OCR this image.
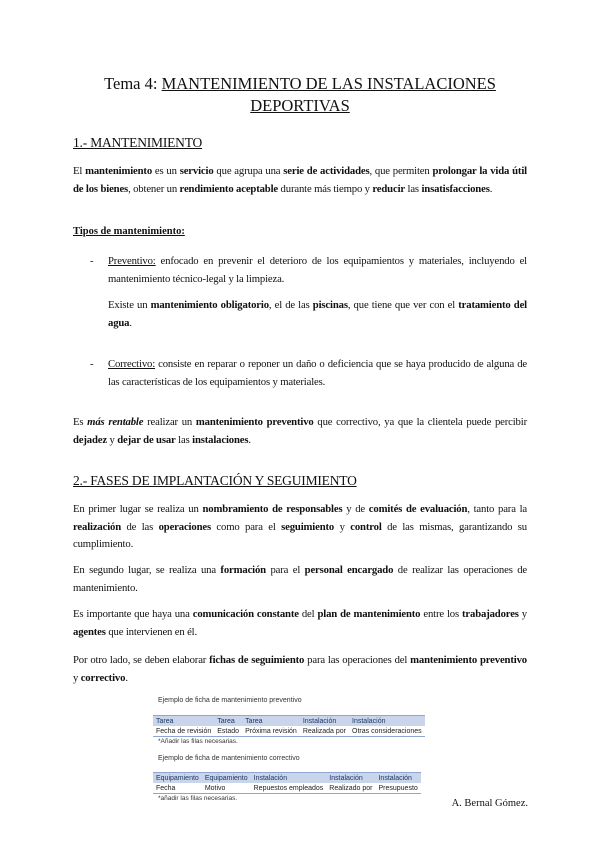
Tema 4: MANTENIMIENTO DE LAS INSTALACIONES
DEPORTIVAS
1.- MANTENIMIENTO
El mantenimiento es un servicio que agrupa una serie de actividades, que permiten prolongar la vida útil de los bienes, obtener un rendimiento aceptable durante más tiempo y reducir las insatisfacciones.
Tipos de mantenimiento:
- Preventivo: enfocado en prevenir el deterioro de los equipamientos y materiales, incluyendo el mantenimiento técnico-legal y la limpieza.
Existe un mantenimiento obligatorio, el de las piscinas, que tiene que ver con el tratamiento del agua.
- Correctivo: consiste en reparar o reponer un daño o deficiencia que se haya producido de alguna de las características de los equipamientos y materiales.
Es más rentable realizar un mantenimiento preventivo que correctivo, ya que la clientela puede percibir dejadez y dejar de usar las instalaciones.
2.- FASES DE IMPLANTACIÓN Y SEGUIMIENTO
En primer lugar se realiza un nombramiento de responsables y de comités de evaluación, tanto para la realización de las operaciones como para el seguimiento y control de las mismas, garantizando su cumplimiento.
En segundo lugar, se realiza una formación para el personal encargado de realizar las operaciones de mantenimiento.
Es importante que haya una comunicación constante del plan de mantenimiento entre los trabajadores y agentes que intervienen en él.
Por otro lado, se deben elaborar fichas de seguimiento para las operaciones del mantenimiento preventivo y correctivo.
Ejemplo de ficha de mantenimiento preventivo
Tarea	Tarea	Tarea	Instalación	Instalación
Fecha de revisión	Estado	Próxima revisión	Realizada por	Otras consideraciones
*Añadir las filas necesarias.
Ejemplo de ficha de mantenimiento correctivo
Equipamiento	Equipamiento	Instalación	Instalación	Instalación
Fecha	Motivo	Repuestos empleados	Realizado por	Presupuesto
*añadir las filas necesarias.	A. Bernal Gómez.
